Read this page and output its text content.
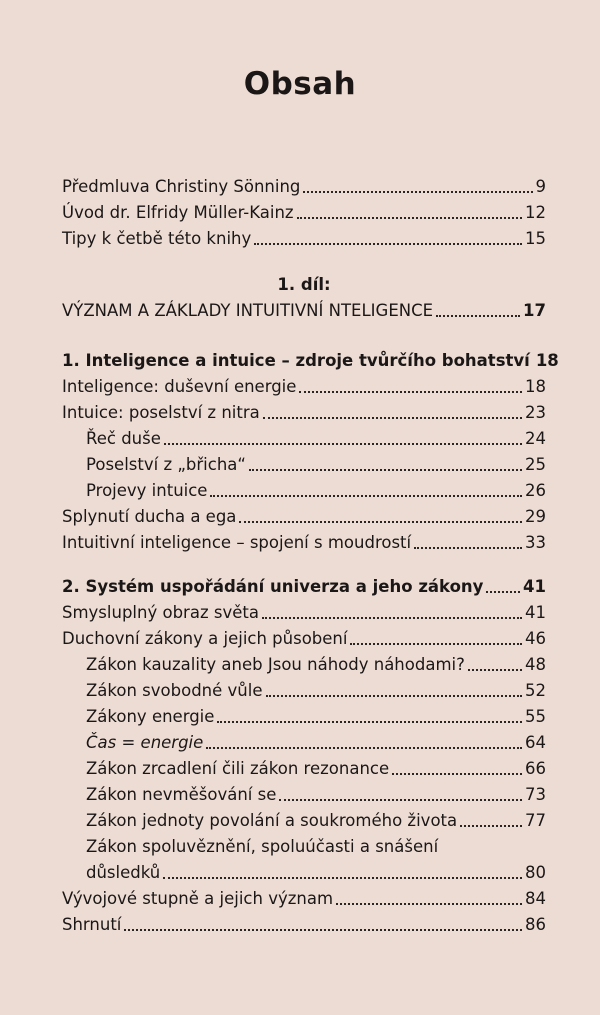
Obsah
Předmluva Christiny Sönning	9
Úvod dr. Elfridy Müller-Kainz	12
Tipy k četbě této knihy	15
1. díl:
VÝZNAM A ZÁKLADY INTUITIVNÍ NTELIGENCE	17
1. Inteligence a intuice – zdroje tvůrčího bohatství 18
Inteligence: duševní energie	18
Intuice: poselství z nitra	23
Řeč duše	24
Poselství z „břicha“	25
Projevy intuice	26
Splynutí ducha a ega	29
Intuitivní inteligence – spojení s moudrostí	33
2. Systém uspořádání univerza a jeho zákony 41
Smysluplný obraz světa	41
Duchovní zákony a jejich působení	46
Zákon kauzality aneb Jsou náhody náhodami?	48
Zákon svobodné vůle	52
Zákony energie	55
Čas = energie	64
Zákon zrcadlení čili zákon rezonance	66
Zákon nevměšování se	73
Zákon jednoty povolání a soukromého života	77
Zákon spoluvěznění, spoluúčasti a snášení
důsledků	80
Vývojové stupně a jejich význam	84
Shrnutí	86
